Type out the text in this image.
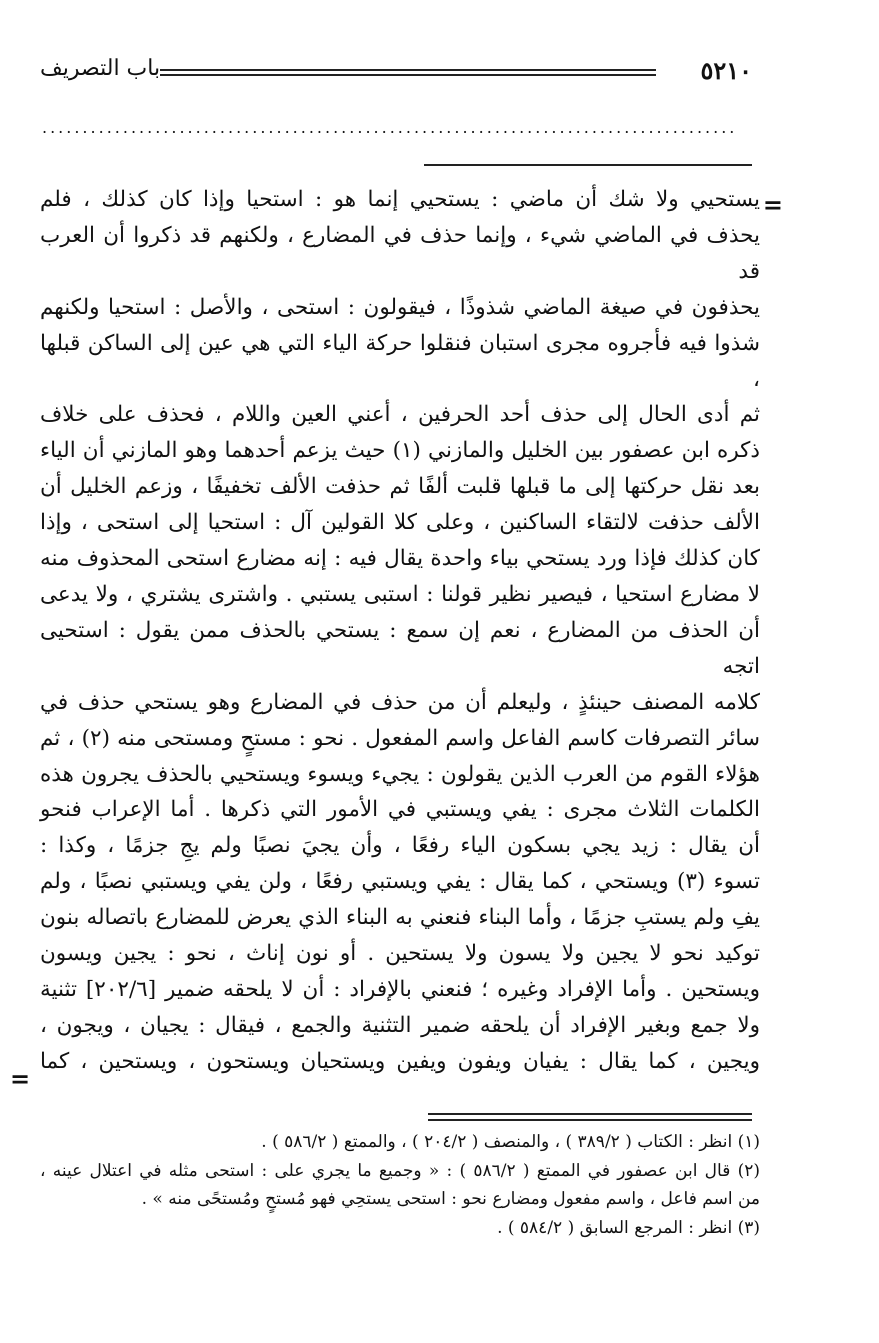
٥٢١٠
باب التصريف
......................................................................................
=

يستحيي ولا شك أن ماضي : يستحيي إنما هو : استحيا وإذا كان كذلك ، فلم

يحذف في الماضي شيء ، وإنما حذف في المضارع ، ولكنهم قد ذكروا أن العرب قد

يحذفون في صيغة الماضي شذوذًا ، فيقولون : استحى ، والأصل : استحيا ولكنهم

شذوا فيه فأجروه مجرى استبان فنقلوا حركة الياء التي هي عين إلى الساكن قبلها ،

ثم أدى الحال إلى حذف أحد الحرفين ، أعني العين واللام ، فحذف على خلاف

ذكره ابن عصفور بين الخليل والمازني (١) حيث يزعم أحدهما وهو المازني أن الياء

بعد نقل حركتها إلى ما قبلها قلبت ألفًا ثم حذفت الألف تخفيفًا ، وزعم الخليل أن

الألف حذفت لالتقاء الساكنين ، وعلى كلا القولين آل : استحيا إلى استحى ، وإذا

كان كذلك فإذا ورد يستحي بياء واحدة يقال فيه : إنه مضارع استحى المحذوف منه

لا مضارع استحيا ، فيصير نظير قولنا : استبى يستبي . واشترى يشتري ، ولا يدعى

أن الحذف من المضارع ، نعم إن سمع : يستحي بالحذف ممن يقول : استحيى اتجه

كلامه المصنف حينئذٍ ، وليعلم أن من حذف في المضارع وهو يستحي حذف في

سائر التصرفات كاسم الفاعل واسم المفعول . نحو : مستحٍ ومستحى منه (٢) ، ثم

هؤلاء القوم من العرب الذين يقولون : يجيء ويسوء ويستحيي بالحذف يجرون هذه

الكلمات الثلاث مجرى : يفي ويستبي في الأمور التي ذكرها . أما الإعراب فنحو

أن يقال : زيد يجي بسكون الياء رفعًا ، وأن يجيَ نصبًا ولم يجِ جزمًا ، وكذا :

تسوء (٣) ويستحي ، كما يقال : يفي ويستبي رفعًا ، ولن يفي ويستبي نصبًا ، ولم

يفِ ولم يستبِ جزمًا ، وأما البناء فنعني به البناء الذي يعرض للمضارع باتصاله بنون

توكيد نحو لا يجين ولا يسون ولا يستحين . أو نون إناث ، نحو : يجين ويسون

ويستحين . وأما الإفراد وغيره ؛ فنعني بالإفراد : أن لا يلحقه ضمير [٢٠٢/٦] تثنية

ولا جمع وبغير الإفراد أن يلحقه ضمير التثنية والجمع ، فيقال : يجيان ، ويجون ،

ويجين ، كما يقال : يفيان ويفون ويفين ويستحيان ويستحون ، ويستحين ، كما

=

(١) انظر : الكتاب ( ٣٨٩/٢ ) ، والمنصف ( ٢٠٤/٢ ) ، والممتع ( ٥٨٦/٢ ) .

(٢) قال ابن عصفور في الممتع ( ٥٨٦/٢ ) : « وجميع ما يجري على : استحى مثله في اعتلال عينه ،

من اسم فاعل ، واسم مفعول ومضارع نحو : استحى يستحِي فهو مُستحٍ ومُستحًى منه » .

(٣) انظر : المرجع السابق ( ٥٨٤/٢ ) .
